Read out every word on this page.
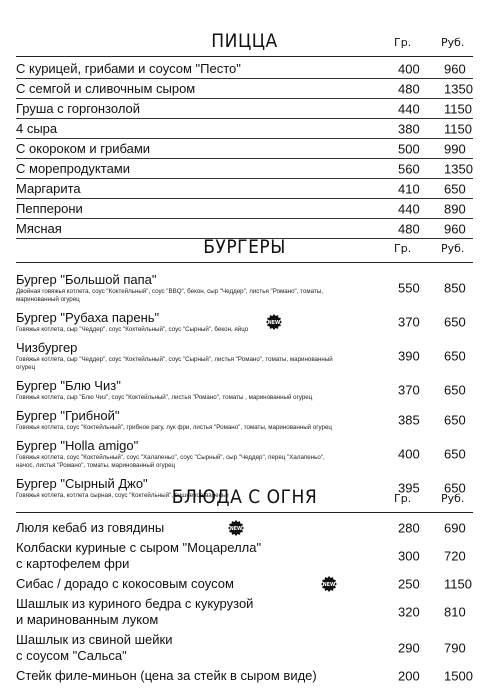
ПИЦЦА	Гр.	Руб.
С курицей, грибами и соусом "Песто"	400 960
С семгой и сливочным сыром	480 1350
Груша с горгонзолой	440 1150
4 сыра	380 1150
С окороком и грибами	500 990
С морепродуктами	560 1350
Маргарита	410 650
Пепперони	440 890
Мясная	480 960
БУРГЕРЫ	Гр.	Руб.
Бургер "Большой папа"
Двойная говяжья котлета, соус "Коктейльный", соус "BBQ", бекон, сыр "Чеддер", листья "Романо", томаты, маринованный огурец
550 850
Бургер "Рубаха парень"
Говяжья котлета, сыр "Чеддер", соус "Коктейльный", соус "Сырный", бекон, яйцо	370 650
NEW
Чизбургер
Говяжья котлета, сыр "Чеддер", соус "Коктейльный", соус "Сырный", листья "Романо", томаты, маринованный огурец
390 650
Бургер "Блю Чиз"
Говяжья котлета, сыр "Блю Чиз", соус "Коктейльный", листья "Романо", томаты , маринованный огурец	370 650
Бургер "Грибной"
Говяжья котлета, соус "Коктейльный", грибное рагу, лук фри, листья "Романо", томаты, маринованный огурец	385 650
Бургер "Holla amigo"
Говяжья котлета, соус "Коктейльный", соус "Халапеньо", соус "Сырный", сыр "Чеддер", перец "Халапеньо", начос, листья "Романо", томаты, маринованный огурец
400 650
Бургер "Сырный Джо"
Говяжья котлета, котлета сырная, соус "Коктейльный", вишневое варенье	395 650
БЛЮДА С ОГНЯ	Гр.	Руб.
Люля кебаб из говядины	280 690
NEW
Колбаски куриные с сыром "Моцарелла"
с картофелем фри	300 720
Сибас / дорадо с кокосовым соусом	250 1150
NEW
Шашлык из куриного бедра с кукурузой
и маринованным луком	320 810
Шашлык из свиной шейки
с соусом "Сальса"	290 790
Стейк филе-миньон (цена за стейк в сыром виде)	200 1500
